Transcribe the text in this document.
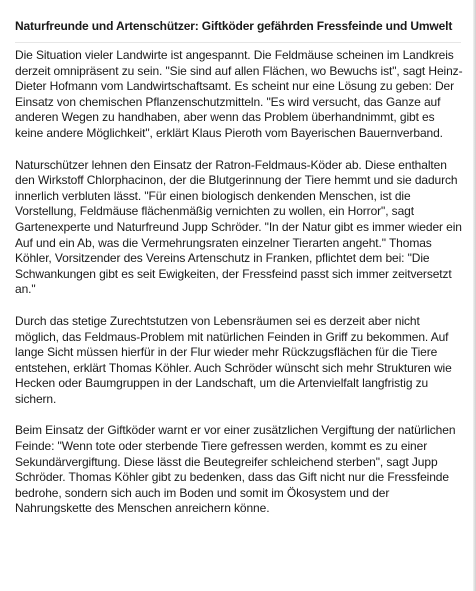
Naturfreunde und Artenschützer: Giftköder gefährden Fressfeinde und Umwelt

Die Situation vieler Landwirte ist angespannt. Die Feldmäuse scheinen im Landkreis derzeit omnipräsent zu sein. "Sie sind auf allen Flächen, wo Bewuchs ist", sagt Heinz-Dieter Hofmann vom Landwirtschaftsamt. Es scheint nur eine Lösung zu geben: Der Einsatz von chemischen Pflanzenschutzmitteln. "Es wird versucht, das Ganze auf anderen Wegen zu handhaben, aber wenn das Problem überhandnimmt, gibt es keine andere Möglichkeit", erklärt Klaus Pieroth vom Bayerischen Bauernverband.

Naturschützer lehnen den Einsatz der Ratron-Feldmaus-Köder ab. Diese enthalten den Wirkstoff Chlorphacinon, der die Blutgerinnung der Tiere hemmt und sie dadurch innerlich verbluten lässt. "Für einen biologisch denkenden Menschen, ist die Vorstellung, Feldmäuse flächenmäßig vernichten zu wollen, ein Horror", sagt Gartenexperte und Naturfreund Jupp Schröder. "In der Natur gibt es immer wieder ein Auf und ein Ab, was die Vermehrungsraten einzelner Tierarten angeht." Thomas Köhler, Vorsitzender des Vereins Artenschutz in Franken, pflichtet dem bei: "Die Schwankungen gibt es seit Ewigkeiten, der Fressfeind passt sich immer zeitversetzt an."

Durch das stetige Zurechtstutzen von Lebensräumen sei es derzeit aber nicht möglich, das Feldmaus-Problem mit natürlichen Feinden in Griff zu bekommen. Auf lange Sicht müssen hierfür in der Flur wieder mehr Rückzugsflächen für die Tiere entstehen, erklärt Thomas Köhler. Auch Schröder wünscht sich mehr Strukturen wie Hecken oder Baumgruppen in der Landschaft, um die Artenvielfalt langfristig zu sichern.

Beim Einsatz der Giftköder warnt er vor einer zusätzlichen Vergiftung der natürlichen Feinde: "Wenn tote oder sterbende Tiere gefressen werden, kommt es zu einer Sekundärvergiftung. Diese lässt die Beutegreifer schleichend sterben", sagt Jupp Schröder. Thomas Köhler gibt zu bedenken, dass das Gift nicht nur die Fressfeinde bedrohe, sondern sich auch im Boden und somit im Ökosystem und der Nahrungskette des Menschen anreichern könne.
